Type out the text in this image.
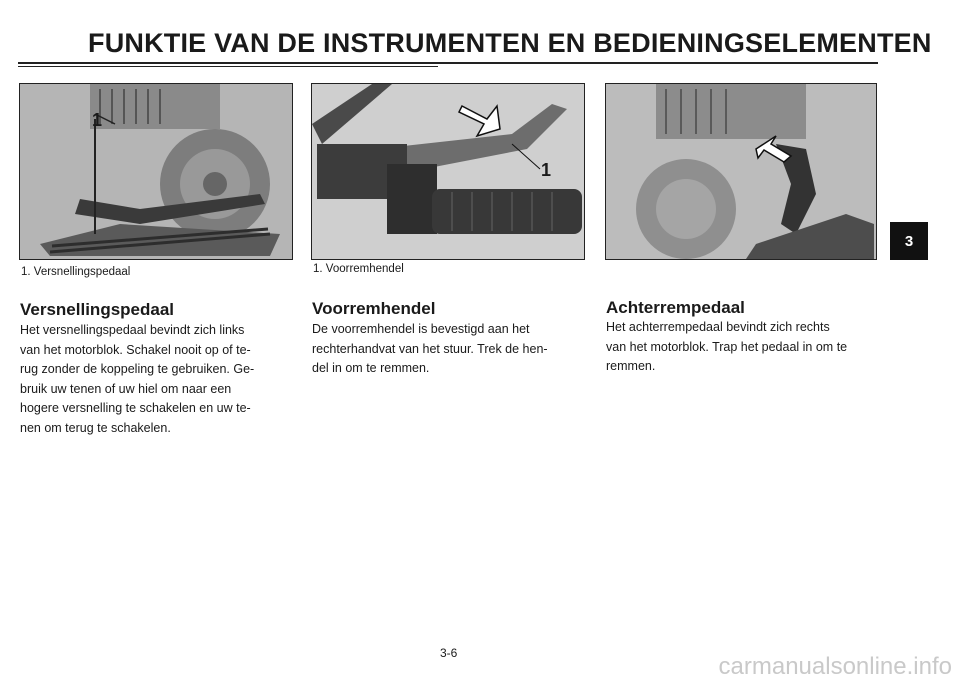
FUNKTIE VAN DE INSTRUMENTEN EN BEDIENINGSELEMENTEN
1
1
1. Versnellingspedaal	1. Voorremhendel
Versnellingspedaal	Voorremhendel	Achterrempedaal
Het versnellingspedaal bevindt zich links
van het motorblok. Schakel nooit op of te-
rug zonder de koppeling te gebruiken. Ge-
bruik uw tenen of uw hiel om naar een
hogere versnelling te schakelen en uw te-
nen om terug te schakelen.
De voorremhendel is bevestigd aan het
rechterhandvat van het stuur. Trek de hen-
del in om te remmen.
Het achterrempedaal bevindt zich rechts
van het motorblok. Trap het pedaal in om te
remmen.
3
3-6	carmanualsonline.info
